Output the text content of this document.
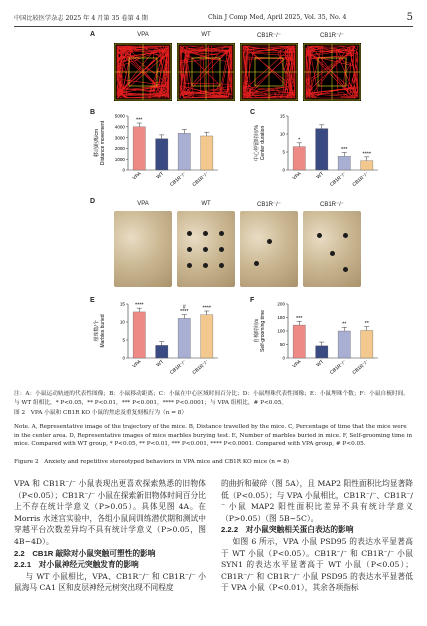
中国比较医学杂志 2025 年 4 月第 35 卷第 4 期	Chin J Comp Med, April 2025, Vol. 35, No. 4	5
A	VPA	WT	CB1R⁻/⁻	CB1R⁻/⁻
B
移动距离/cm Distance movement
0
1000
2000
3000
4000
5000
***
VPA	WT CB1R⁻/⁻ CB1R⁻/⁻
C
中心停留时间/% Center duration
0
5
10
15
*
VPA	WT
***
CB1R⁻/⁻
****
CB1R⁻/⁻
D	VPA	WT	CB1R⁻/⁻	CB1R⁻/⁻
E
埋珠数/个 Marbles buried
0
5
10
15 ****
VPA	WT
****
#
CB1R⁻/⁻
****
CB1R⁻/⁻
F
自梳时间/s Self-grooming time
0
50
100
150
200
***
VPA	WT
**
CB1R⁻/⁻
**
CB1R⁻/⁻
注：A：小鼠运动轨迹的代表性图像；B：小鼠移动距离；C：小鼠在中心区域时间百分比；D：小鼠埋珠代表性图像；E：小鼠埋珠个数；F：小鼠自梳时间。与 WT 组相比，* P<0.05，** P<0.01，*** P<0.001，**** P<0.0001；与 VPA 组相比，# P<0.05。
图 2　VPA 小鼠和 CB1R KO 小鼠的焦虑及重复刻板行为（n = 8）
Note. A, Representative image of the trajectory of the mice. B, Distance travelled by the mice. C, Percentage of time that the mice were in the center area. D, Representative images of mice marbles burying test. E, Number of marbles buried in mice. F, Self-grooming time in mice. Compared with WT group, * P<0.05, ** P<0.01, *** P<0.001, **** P<0.0001. Compared with VPA group, # P<0.05.
Figure 2　Anxiety and repetitive stereotyped behaviors in VPA mice and CB1R KO mice (n = 8)

VPA 和 CB1R⁻/⁻ 小鼠表现出更喜欢探索熟悉的旧物体（P<0.05）；CB1R⁻/⁻ 小鼠在探索新旧物体时间百分比上不存在统计学意义（P>0.05）。具体见图 4A。在 Morris 水迷宫实验中，各组小鼠间训练潜伏期和测试中穿越平台次数差异均不具有统计学意义（P>0.05，图 4B~4D）。

2.2　CB1R 敲除对小鼠突触可塑性的影响

2.2.1　对小鼠神经元突触发育的影响

与 WT 小鼠相比，VPA、CB1R⁻/⁻ 和 CB1R⁻/⁻ 小鼠海马 CA1 区和皮层神经元树突出现不同程度

的曲折和破碎（图 5A），且 MAP2 阳性面积比均显著降低（P<0.05）；与 VPA 小鼠相比，CB1R⁻/⁻、CB1R⁻/⁻ 小鼠 MAP2 阳性面积比差异不具有统计学意义（P>0.05）（图 5B~5C）。

2.2.2　对小鼠突触相关蛋白表达的影响

如图 6 所示，VPA 小鼠 PSD95 的表达水平显著高于 WT 小鼠（P<0.05）。CB1R⁻/⁻ 和 CB1R⁻/⁻ 小鼠 SYN1 的表达水平显著高于 WT 小鼠（P<0.05）；CB1R⁻/⁻ 和 CB1R⁻/⁻ 小鼠 PSD95 的表达水平显著低于 VPA 小鼠（P<0.01），其余各项指标
